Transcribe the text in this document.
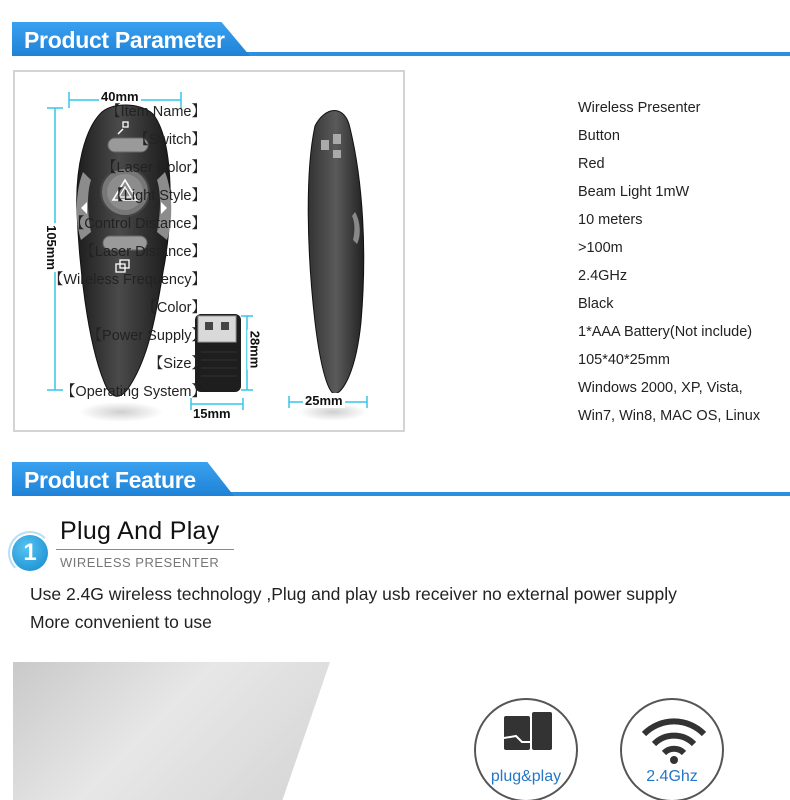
Product Parameter
40mm
105mm
28mm
15mm
25mm
【Item Name】	Wireless Presenter
【Switch】	Button
【Laser Color】	Red
【Light Style】	Beam Light 1mW
【Control Distance】	10 meters
【Laser Distance】	>100m
【Wireless Frequency】	2.4GHz
【Color】	Black
【Power Supply】	1*AAA Battery(Not include)
【Size】	105*40*25mm
【Operating System】	Windows 2000, XP, Vista,
Win7, Win8, MAC OS, Linux
Product Feature
1
Plug And Play
WIRELESS PRESENTER
Use 2.4G wireless technology ,Plug and play usb receiver no external power supply
More convenient to use
plug&play	2.4Ghz
